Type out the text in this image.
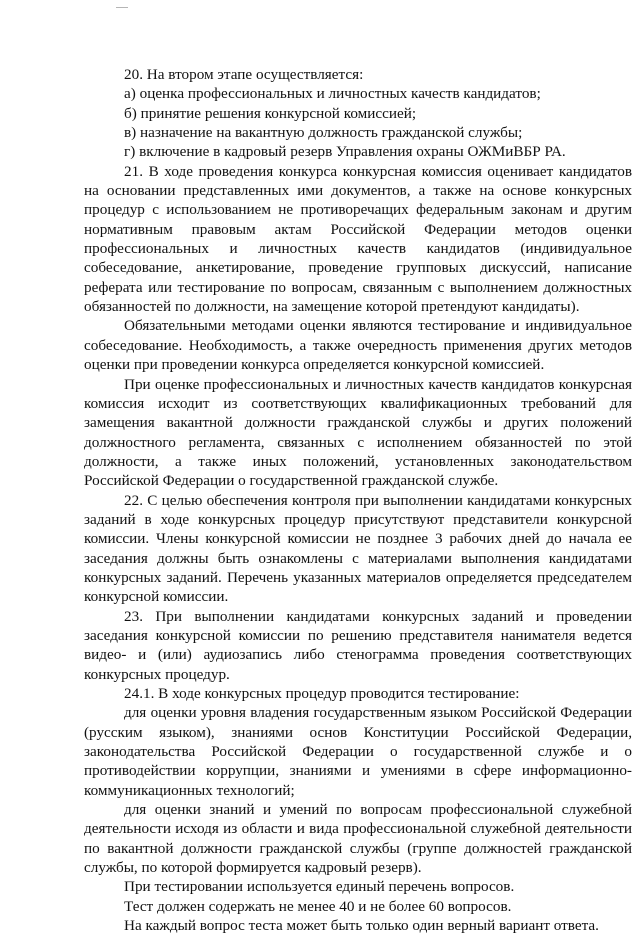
20. На втором этапе осуществляется:

а) оценка профессиональных и личностных качеств кандидатов;

б) принятие решения конкурсной комиссией;

в) назначение на вакантную должность гражданской службы;

г) включение в кадровый резерв Управления охраны ОЖМиВБР РА.

21. В ходе проведения конкурса конкурсная комиссия оценивает кандидатов на основании представленных ими документов, а также на основе конкурсных процедур с использованием не противоречащих федеральным законам и другим нормативным правовым актам Российской Федерации методов оценки профессиональных и личностных качеств кандидатов (индивидуальное собеседование, анкетирование, проведение групповых дискуссий, написание реферата или тестирование по вопросам, связанным с выполнением должностных обязанностей по должности, на замещение которой претендуют кандидаты).

Обязательными методами оценки являются тестирование и индивидуальное собеседование. Необходимость, а также очередность применения других методов оценки при проведении конкурса определяется конкурсной комиссией.

При оценке профессиональных и личностных качеств кандидатов конкурсная комиссия исходит из соответствующих квалификационных требований для замещения вакантной должности гражданской службы и других положений должностного регламента, связанных с исполнением обязанностей по этой должности, а также иных положений, установленных законодательством Российской Федерации о государственной гражданской службе.

22. С целью обеспечения контроля при выполнении кандидатами конкурсных заданий в ходе конкурсных процедур присутствуют представители конкурсной комиссии. Члены конкурсной комиссии не позднее 3 рабочих дней до начала ее заседания должны быть ознакомлены с материалами выполнения кандидатами конкурсных заданий. Перечень указанных материалов определяется председателем конкурсной комиссии.

23. При выполнении кандидатами конкурсных заданий и проведении заседания конкурсной комиссии по решению представителя нанимателя ведется видео- и (или) аудиозапись либо стенограмма проведения соответствующих конкурсных процедур.

24.1. В ходе конкурсных процедур проводится тестирование:

для оценки уровня владения государственным языком Российской Федерации (русским языком), знаниями основ Конституции Российской Федерации, законодательства Российской Федерации о государственной службе и о противодействии коррупции, знаниями и умениями в сфере информационно-коммуникационных технологий;

для оценки знаний и умений по вопросам профессиональной служебной деятельности исходя из области и вида профессиональной служебной деятельности по вакантной должности гражданской службы (группе должностей гражданской службы, по которой формируется кадровый резерв).

При тестировании используется единый перечень вопросов.

Тест должен содержать не менее 40 и не более 60 вопросов.

На каждый вопрос теста может быть только один верный вариант ответа.
